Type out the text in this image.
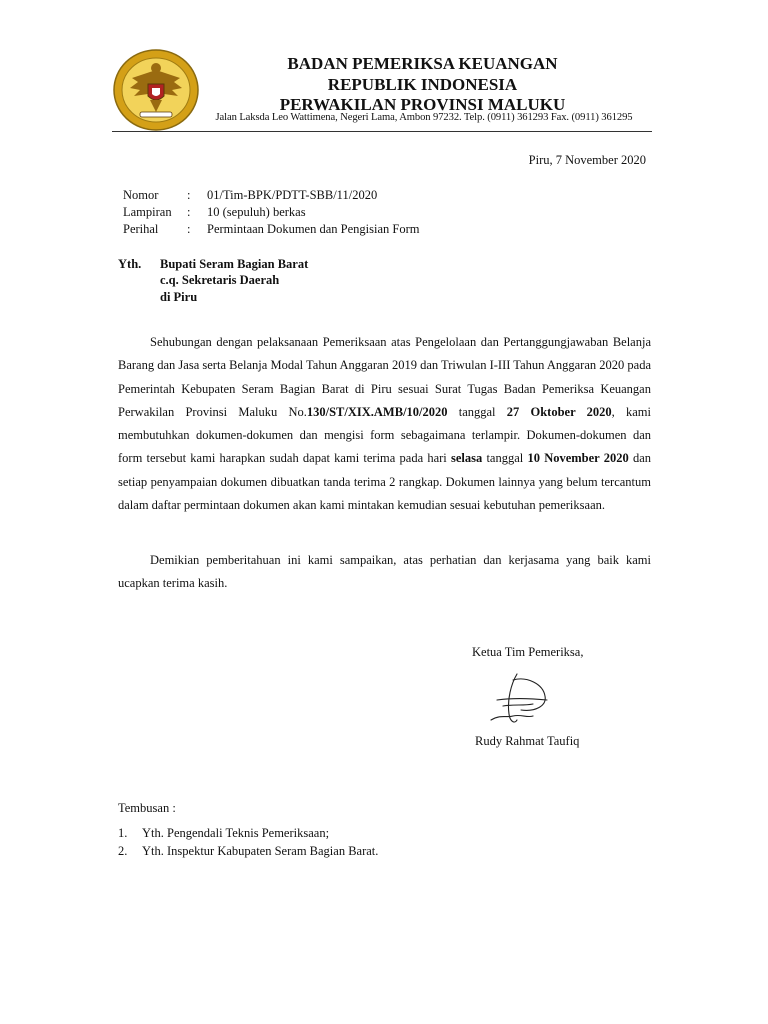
BADAN PEMERIKSA KEUANGAN
REPUBLIK INDONESIA
PERWAKILAN PROVINSI MALUKU
Jalan Laksda Leo Wattimena, Negeri Lama, Ambon 97232. Telp. (0911) 361293 Fax. (0911) 361295
Piru, 7 November 2020
Nomor : 01/Tim-BPK/PDTT-SBB/11/2020
Lampiran : 10 (sepuluh) berkas
Perihal : Permintaan Dokumen dan Pengisian Form
Yth. Bupati Seram Bagian Barat
c.q. Sekretaris Daerah
di Piru

Sehubungan dengan pelaksanaan Pemeriksaan atas Pengelolaan dan Pertanggungjawaban Belanja Barang dan Jasa serta Belanja Modal Tahun Anggaran 2019 dan Triwulan I-III Tahun Anggaran 2020 pada Pemerintah Kebupaten Seram Bagian Barat di Piru sesuai Surat Tugas Badan Pemeriksa Keuangan Perwakilan Provinsi Maluku No.130/ST/XIX.AMB/10/2020 tanggal 27 Oktober 2020, kami membutuhkan dokumen-dokumen dan mengisi form sebagaimana terlampir. Dokumen-dokumen dan form tersebut kami harapkan sudah dapat kami terima pada hari selasa tanggal 10 November 2020 dan setiap penyampaian dokumen dibuatkan tanda terima 2 rangkap. Dokumen lainnya yang belum tercantum dalam daftar permintaan dokumen akan kami mintakan kemudian sesuai kebutuhan pemeriksaan.

Demikian pemberitahuan ini kami sampaikan, atas perhatian dan kerjasama yang baik kami ucapkan terima kasih.

Ketua Tim Pemeriksa,
Rudy Rahmat Taufiq
Tembusan :
1. Yth. Pengendali Teknis Pemeriksaan;
2. Yth. Inspektur Kabupaten Seram Bagian Barat.
